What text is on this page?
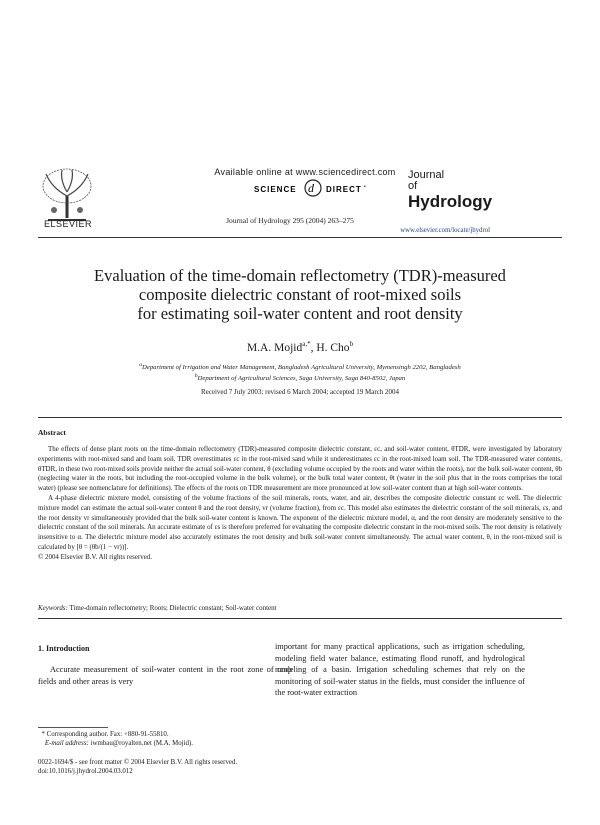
ELSEVIER
Available online at www.sciencedirect.com
SCIENCE d DIRECT •
Journal of Hydrology 295 (2004) 263–275
Journal
of
Hydrology
www.elsevier.com/locate/jhydrol
Evaluation of the time-domain reflectometry (TDR)-measured
composite dielectric constant of root-mixed soils
for estimating soil-water content and root density
M.A. Mojid$^{a,*}$, H. Cho$^b$
$^a$Department of Irrigation and Water Management, Bangladesh Agricultural University, Mymensingh 2202, Bangladesh
$^b$Department of Agricultural Sciences, Saga University, Saga 840-8502, Japan
Received 7 July 2003; revised 6 March 2004; accepted 19 March 2004
Abstract

The effects of dense plant roots on the time-domain reflectometry (TDR)-measured composite dielectric constant, εc, and soil-water content, θTDR, were investigated by laboratory experiments with root-mixed sand and loam soil. TDR overestimates εc in the root-mixed sand while it underestimates εc in the root-mixed loam soil. The TDR-measured water contents, θTDR, in these two root-mixed soils provide neither the actual soil-water content, θ (excluding volume occupied by the roots and water within the roots), nor the bulk soil-water content, θb (neglecting water in the roots, but including the root-occupied volume in the bulk volume), or the bulk total water content, θt (water in the soil plus that in the roots comprises the total water) (please see nomenclature for definitions). The effects of the roots on TDR measurement are more pronounced at low soil-water content than at high soil-water contents.

A 4-phase dielectric mixture model, consisting of the volume fractions of the soil minerals, roots, water, and air, describes the composite dielectric constant εc well. The dielectric mixture model can estimate the actual soil-water content θ and the root density, vr (volume fraction), from εc. This model also estimates the dielectric constant of the soil minerals, εs, and the root density vr simultaneously provided that the bulk soil-water content is known. The exponent of the dielectric mixture model, α, and the root density are moderately sensitive to the dielectric constant of the soil minerals. An accurate estimate of εs is therefore preferred for evaluating the composite dielectric constant in the root-mixed soils. The root density is relatively insensitive to α. The dielectric mixture model also accurately estimates the root density and bulk soil-water content simultaneously. The actual water content, θ, in the root-mixed soil is calculated by [θ = (θb/(1 − vr))].

© 2004 Elsevier B.V. All rights reserved.
Keywords: Time-domain reflectometry; Roots; Dielectric constant; Soil-water content
1. Introduction
Accurate measurement of soil-water content in the root zone of crop fields and other areas is very
important for many practical applications, such as irrigation scheduling, modeling field water balance, estimating flood runoff, and hydrological modeling of a basin. Irrigation scheduling schemes that rely on the monitoring of soil-water status in the fields, must consider the influence of the root-water extraction
* Corresponding author. Fax: +880-91-55810.
E-mail address: iwmbau@royalten.net (M.A. Mojid).
0022-1694/$ - see front matter © 2004 Elsevier B.V. All rights reserved.
doi:10.1016/j.jhydrol.2004.03.012
